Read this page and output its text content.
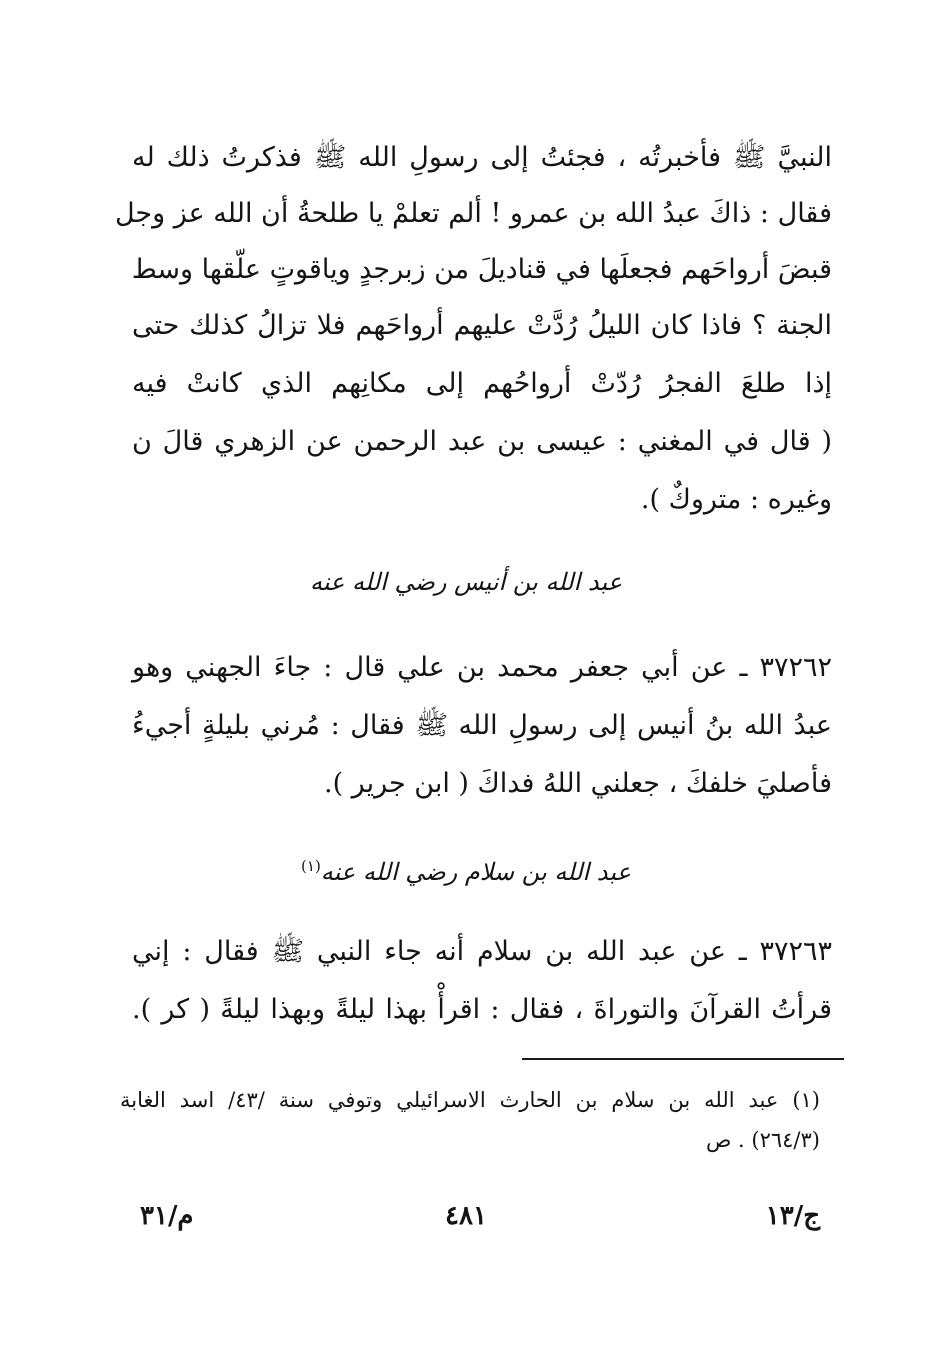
النبيَّ ﷺ فأخبرتُه ، فجئتُ إلى رسولِ الله ﷺ فذكرتُ ذلك له
فقال : ذاكَ عبدُ الله بن عمرو ! ألم تعلمْ يا طلحةُ أن الله عز وجل
قبضَ أرواحَهم فجعلَها في قناديلَ من زبرجدٍ وياقوتٍ علّقها وسط
الجنة ؟ فاذا كان الليلُ رُدَّتْ عليهم أرواحَهم فلا تزالُ كذلك حتى
إذا طلعَ الفجرُ رُدّتْ أرواحُهم إلى مكانِهم الذي كانتْ فيه
( قال في المغني : عيسى بن عبد الرحمن عن الزهري قالَ ن
وغيره : متروكٌ ).
عبد الله بن أنيس رضي الله عنه
٣٧٢٦٢ ـ عن أبي جعفر محمد بن علي قال : جاءَ الجهني وهو
عبدُ الله بنُ أنيس إلى رسولِ الله ﷺ فقال : مُرني بليلةٍ أجيءُ
فأصليَ خلفكَ ، جعلني اللهُ فداكَ ( ابن جرير ).
عبد الله بن سلام رضي الله عنه$^{(١)}$
٣٧٢٦٣ ـ عن عبد الله بن سلام أنه جاء النبي ﷺ فقال : إني
قرأتُ القرآنَ والتوراةَ ، فقال : اقرأْ بهذا ليلةً وبهذا ليلةً ( كر ).
(١) عبد الله بن سلام بن الحارث الاسرائيلي وتوفي سنة /٤٣/ اسد الغابة
(٢٦٤/٣) . ص
ج/١٣
٤٨١
م/٣١
